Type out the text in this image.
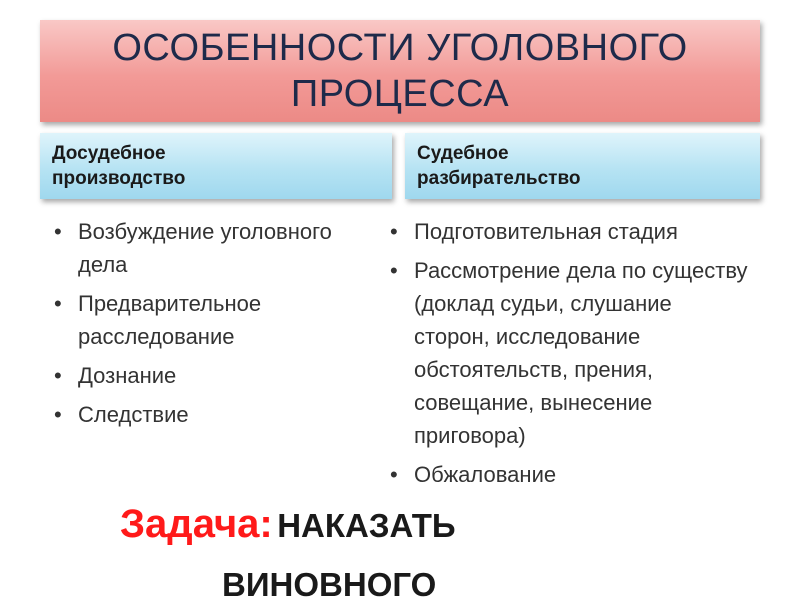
ОСОБЕННОСТИ УГОЛОВНОГО
ПРОЦЕССА
Досудебное
производство
Судебное
разбирательство
• Возбуждение уголовного дела
• Предварительное расследование
• Дознание
• Следствие
• Подготовительная стадия
• Рассмотрение дела по существу (доклад судьи, слушание сторон, исследование обстоятельств, прения, совещание, вынесение приговора)
• Обжалование
Задача: НАКАЗАТЬ
ВИНОВНОГО
